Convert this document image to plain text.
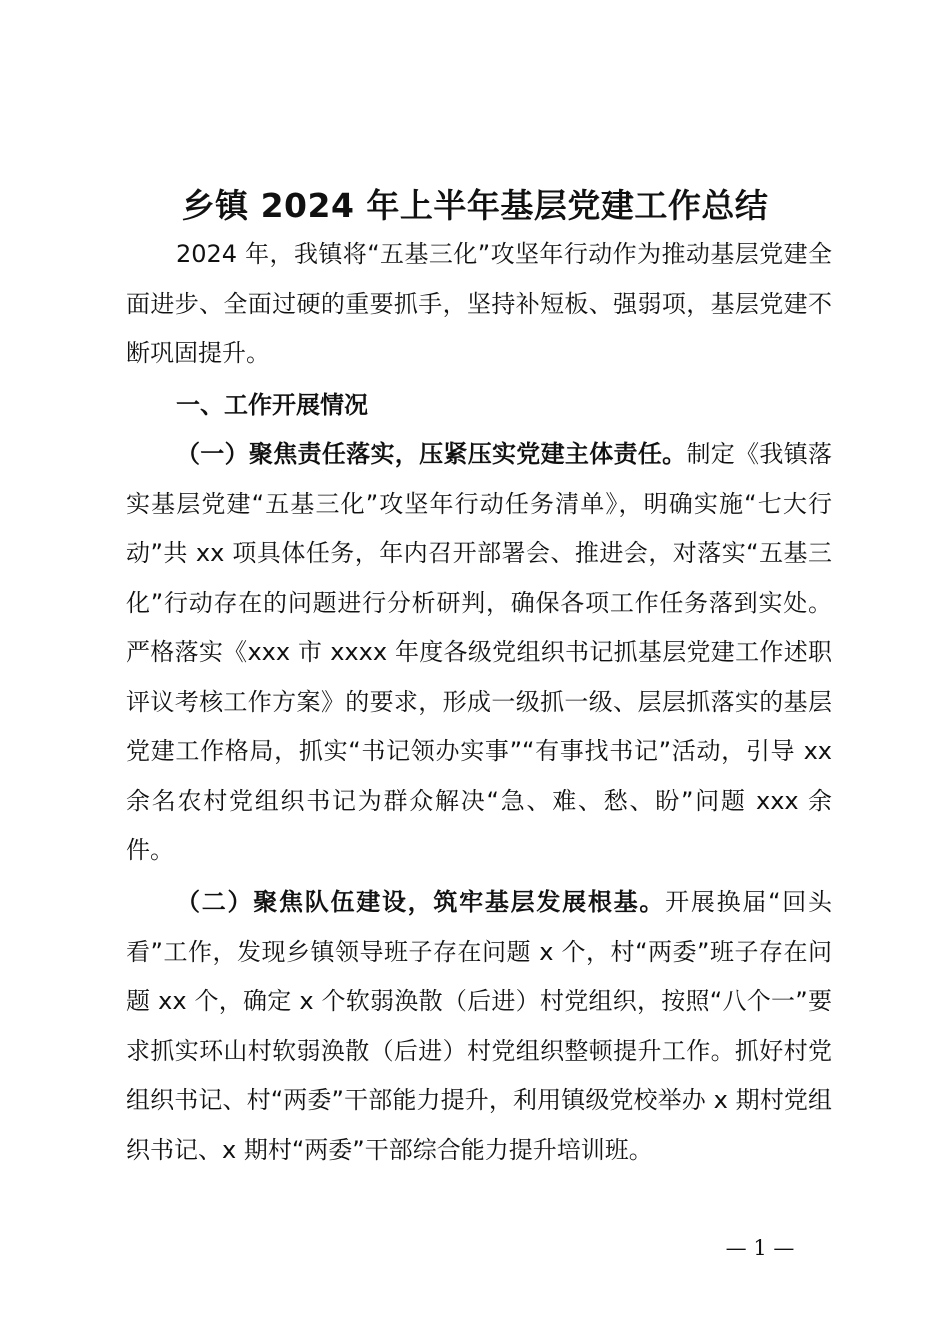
乡镇 2024 年上半年基层党建工作总结

2024 年，我镇将“五基三化”攻坚年行动作为推动基层党建全面进步、全面过硬的重要抓手，坚持补短板、强弱项，基层党建不断巩固提升。

一、工作开展情况

（一）聚焦责任落实，压紧压实党建主体责任。制定《我镇落实基层党建“五基三化”攻坚年行动任务清单》，明确实施“七大行动”共 xx 项具体任务，年内召开部署会、推进会，对落实“五基三化”行动存在的问题进行分析研判，确保各项工作任务落到实处。严格落实《xxx 市 xxxx 年度各级党组织书记抓基层党建工作述职评议考核工作方案》的要求，形成一级抓一级、层层抓落实的基层党建工作格局，抓实“书记领办实事”“有事找书记”活动，引导 xx 余名农村党组织书记为群众解决“急、难、愁、盼”问题 xxx 余件。

（二）聚焦队伍建设，筑牢基层发展根基。开展换届“回头看”工作，发现乡镇领导班子存在问题 x 个，村“两委”班子存在问题 xx 个，确定 x 个软弱涣散（后进）村党组织，按照“八个一”要求抓实环山村软弱涣散（后进）村党组织整顿提升工作。抓好村党组织书记、村“两委”干部能力提升，利用镇级党校举办 x 期村党组织书记、x 期村“两委”干部综合能力提升培训班。

— 1 —
